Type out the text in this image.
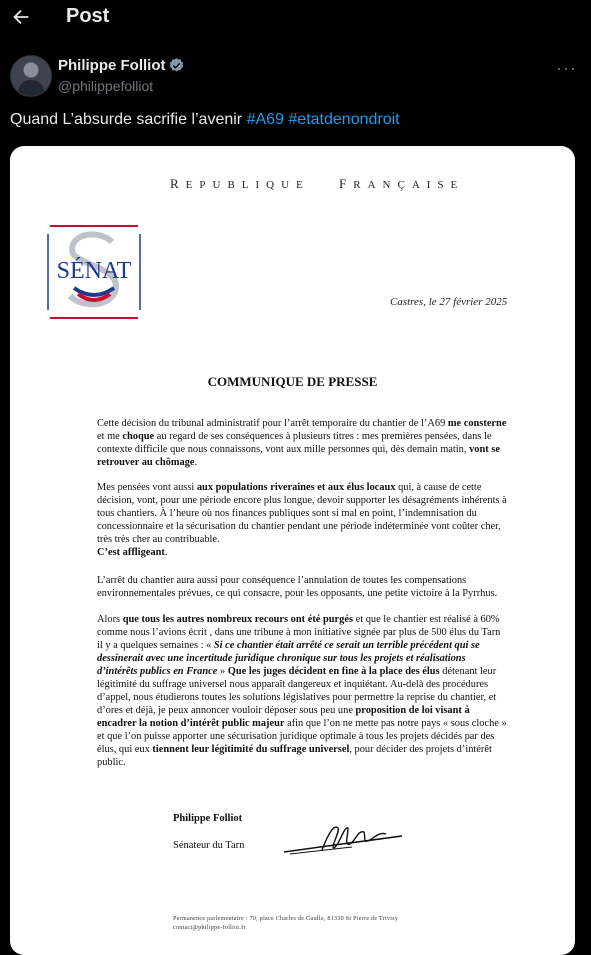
Post
Philippe Folliot
@philippefolliot
···
Quand L’absurde sacrifie l’avenir #A69 #etatdenondroit
REPUBLIQUE FRANÇAISE
SÉNAT
Castres, le 27 février 2025
COMMUNIQUE DE PRESSE
Cette décision du tribunal administratif pour l’arrêt temporaire du chantier de l’A69 me consterne et me choque au regard de ses conséquences à plusieurs titres : mes premières pensées, dans le contexte difficile que nous connaissons, vont aux mille personnes qui, dès demain matin, vont se retrouver au chômage.
Mes pensées vont aussi aux populations riveraines et aux élus locaux qui, à cause de cette décision, vont, pour une période encore plus longue, devoir supporter les désagréments inhérents à tous chantiers. À l’heure où nos finances publiques sont si mal en point, l’indemnisation du concessionnaire et la sécurisation du chantier pendant une période indéterminée vont coûter cher, très très cher au contribuable.
C’est affligeant.
L’arrêt du chantier aura aussi pour conséquence l’annulation de toutes les compensations environnementales prévues, ce qui consacre, pour les opposants, une petite victoire à la Pyrrhus.
Alors que tous les autres nombreux recours ont été purgés et que le chantier est réalisé à 60% comme nous l’avions écrit , dans une tribune à mon initiative signée par plus de 500 élus du Tarn il y a quelques semaines : « Si ce chantier était arrêté ce serait un terrible précédent qui se dessinerait avec une incertitude juridique chronique sur tous les projets et réalisations d’intérêts publics en France » Que les juges décident en fine à la place des élus détenant leur légitimité du suffrage universel nous apparaît dangereux et inquiétant. Au-delà des procédures d’appel, nous étudierons toutes les solutions législatives pour permettre la reprise du chantier, et d’ores et déjà, je peux annoncer vouloir déposer sous peu une proposition de loi visant à encadrer la notion d’intérêt public majeur afin que l’on ne mette pas notre pays « sous cloche » et que l’on puisse apporter une sécurisation juridique optimale à tous les projets décidés par des élus, qui eux tiennent leur légitimité du suffrage universel, pour décider des projets d’intérêt public.
Philippe Folliot
Sénateur du Tarn
Permanence parlementaire : 70, place Charles de Gaulle, 81330 St Pierre de Trivisy
contact@philippe-folliot.fr
